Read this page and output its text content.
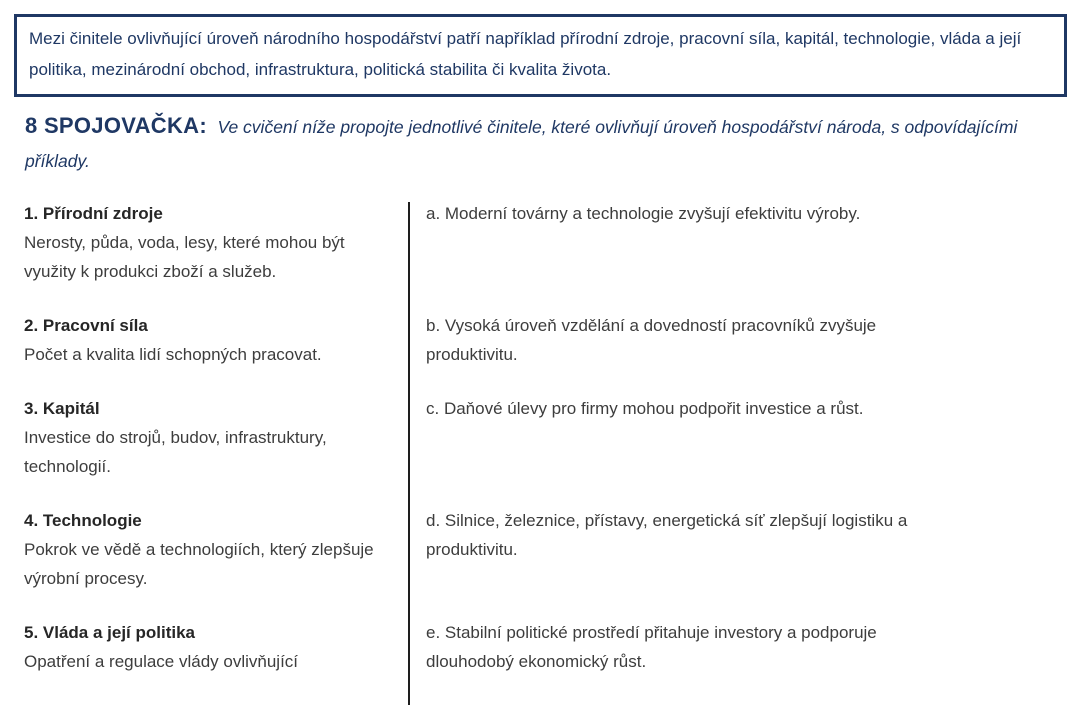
Mezi činitele ovlivňující úroveň národního hospodářství patří například přírodní zdroje, pracovní síla, kapitál, technologie, vláda a její politika, mezinárodní obchod, infrastruktura, politická stabilita či kvalita života.
8 SPOJOVAČKA: Ve cvičení níže propojte jednotlivé činitele, které ovlivňují úroveň hospodářství národa, s odpovídajícími příklady.
1. Přírodní zdroje
Nerosty, půda, voda, lesy, které mohou být využity k produkci zboží a služeb.
a. Moderní továrny a technologie zvyšují efektivitu výroby.
2. Pracovní síla
Počet a kvalita lidí schopných pracovat.
b. Vysoká úroveň vzdělání a dovedností pracovníků zvyšuje produktivitu.
3. Kapitál
Investice do strojů, budov, infrastruktury, technologií.
c. Daňové úlevy pro firmy mohou podpořit investice a růst.
4. Technologie
Pokrok ve vědě a technologiích, který zlepšuje výrobní procesy.
d. Silnice, železnice, přístavy, energetická síť zlepšují logistiku a produktivitu.
5. Vláda a její politika
Opatření a regulace vlády ovlivňující
e. Stabilní politické prostředí přitahuje investory a podporuje dlouhodobý ekonomický růst.
